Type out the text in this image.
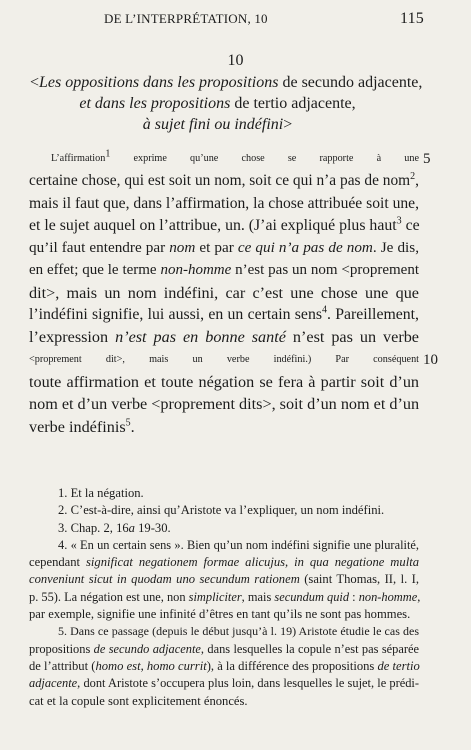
DE L’INTERPRÉTATION, 10	115
10
<Les oppositions dans les propositions de secundo adjacente,
et dans les propositions de tertio adjacente,
à sujet fini ou indéfini>
L’affirmation$^1$ exprime qu’une chose se rapporte à une 5
certaine chose, qui est soit un nom, soit ce qui n’a pas de nom$^2$,
mais il faut que, dans l’affirmation, la chose attribuée soit une,
et le sujet auquel on l’attribue, un. (J’ai expliqué plus haut$^3$ ce
qu’il faut entendre par nom et par ce qui n’a pas de nom. Je dis,
en effet; que le terme non-homme n’est pas un nom <proprement
dit>, mais un nom indéfini, car c’est une chose une que
l’indéfini signifie, lui aussi, en un certain sens$^4$. Pareillement,
l’expression n’est pas en bonne santé n’est pas un verbe
<proprement dit>, mais un verbe indéfini.) Par conséquent 10
toute affirmation et toute négation se fera à partir soit d’un
nom et d’un verbe <proprement dits>, soit d’un nom et d’un
verbe indéfinis$^5$.
1. Et la négation.
2. C’est-à-dire, ainsi qu’Aristote va l’expliquer, un nom indéfini.
3. Chap. 2, 16a 19-30.
4. « En un certain sens ». Bien qu’un nom indéfini signifie une pluralité,
cependant significat negationem formae alicujus, in qua negatione multa
conveniunt sicut in quodam uno secundum rationem (saint Thomas, II, l. I,
p. 55). La négation est une, non simpliciter, mais secundum quid : non-homme,
par exemple, signifie une infinité d’êtres en tant qu’ils ne sont pas hommes.
5. Dans ce passage (depuis le début jusqu’à l. 19) Aristote étudie le cas des
propositions de secundo adjacente, dans lesquelles la copule n’est pas séparée
de l’attribut (homo est, homo currit), à la différence des propositions de tertio
adjacente, dont Aristote s’occupera plus loin, dans lesquelles le sujet, le prédi-
cat et la copule sont explicitement énoncés.
